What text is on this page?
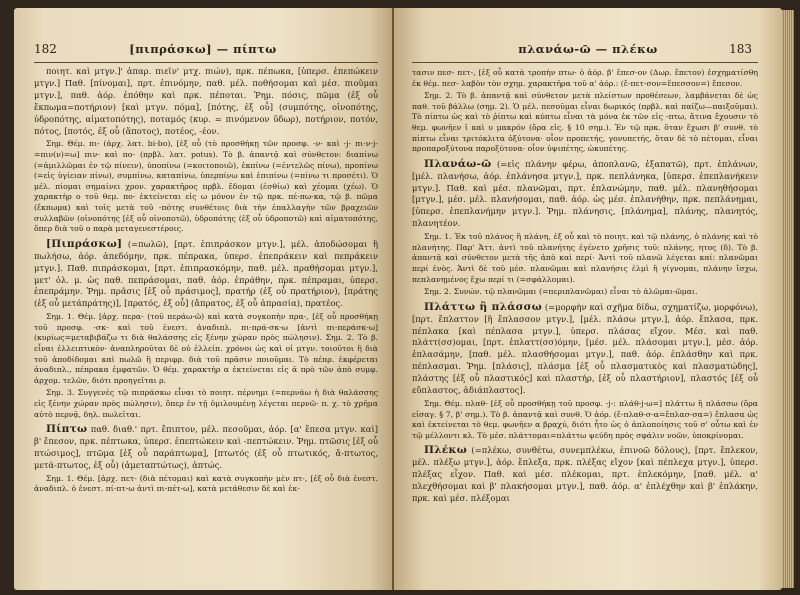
182	[πιπράσκω] — πίπτω

ποιητ. καὶ μτγν.]' ἀπαρ. πιεῖν' μτχ. πιών), πρκ. πέπωκα, [ὑπερσ. ἐπεπώκειν μτγν.] Παθ. [πίνομαι], πρτ. ἐπινόμην, παθ. μέλ. ποθήσομαι καὶ μέσ. πιοῦμαι μτγν.], παθ. ἀόρ. ἐπόθην καὶ πρκ. πέποται. Ῥημ. πόσις, πῶμα (ἐξ οὗ ἔκπωμα=ποτήριον) [καὶ μτγν. πόμα], [πότης, ἐξ οὗ] (συμπότης, οἰνοπότης, ὑδροπότης, αἱματοπότης), ποταμός (κυρ. = πινόμενον ὕδωρ), ποτήριον, ποτόν, πότος, [ποτός, ἐξ οὗ (ἄποτος), ποτέος, -έον.

Σημ. Θέμ. πι- (ἀρχ. λατ. bi-bo), [ἐξ οὗ (τὸ προσθήκῃ τῶν προσφ. -ν- καὶ -j- πι-ν-j-=πιν(ν)=ω] πιν- καὶ πο- (πρβλ. λατ. potus). Τὸ β. ἀπαντᾷ καὶ σύνθετον: διαπίνω (=ἁμιλλῶμαι ἐν τῷ πίνειν), ὑποπίνω (=κοιτοποιῶ), ἐκπίνω (=ἐντελῶς πίνω), προπίνω (=εἰς ὑγίειαν πίνω), συμπίνω, καταπίνω, ὑπερπίνω καὶ ἐπιπίνω (=πίνω τι προσέτι). Ὁ μέλ. πίομαι σημαίνει χρον. χαρακτῆρος πρβλ. ἔδομαι (ἐσθίω) καὶ χέομαι (χέω). Ὁ χαρακτὴρ ο τοῦ θεμ. πο- ἐκτείνεται εἰς ω μόνον ἐν τῷ πρκ. πέ-πω-κα, τῷ β. πῶμα (ἔκπωμα) καὶ τοῖς μετὰ τοῦ -πότης συνθέτοις διὰ τὴν ἐπαλλαγὴν τῶν βραχειῶν συλλαβῶν (οἰνοπότης [ἐξ οὗ οἰνοποτῶ), ὑδροπότης (ἐξ οὗ ὑδροποτῶ) καὶ αἱματοπότης, ὅπερ διὰ τοῦ ο παρὰ μεταγενεστέροις.

[Πιπράσκω] (=πωλῶ), [πρτ. ἐπιπράσκον μτγν.], μέλ. ἀποδώσομαι ἢ πωλήσω, ἀόρ. ἀπεδόμην, πρκ. πέπρακα, ὑπερσ. ἐπεπράκειν καὶ πεπράκειν μτγν.]. Παθ. πιπράσκομαι, [πρτ. ἐπιπρασκόμην, παθ. μέλ. πραθήσομαι μτγν.], μετ' ὀλ. μ. ὡς παθ. πεπράσομαι, παθ. ἀόρ. ἐπράθην, πρκ. πέπραμαι, ὑπερσ. ἐπεπράμην. Ῥημ. πρᾶσις [ἐξ οὗ πράσιμος], πρατήρ (ἐξ οὗ πρατήριον), [πράτης (ἐξ οὗ μετάπράτης)], [πρατός, ἐξ οὗ] (ἄπρατος, ἐξ οὗ ἀπρασία), πρατέος.

Σημ. 1. Θέμ. [ἀρχ. περα- (τοῦ περάω-ῶ) καὶ κατὰ συγκοπὴν πρα-, [ἐξ οὗ προσθήκῃ τοῦ προσφ. -σκ- καὶ τοῦ ἐνεστ. ἀναδιπλ. πι-πρά-σκ-ω [ἀντὶ πι-περάσκ-ω] (κυρίως=μεταβιβάζω τι διὰ θαλάσσης εἰς ξένην χώραν πρὸς πώλησιν). Σημ. 2. Τὸ β. εἶναι ἐλλειπτικὸν· ἀναπληροῦται δὲ οὐ ἐλλείπ. χρόνοι ὡς καὶ οἱ μτγν. τοιοῦτοι ἢ διὰ τοῦ ἀποδίδομαι καὶ πωλῶ ἢ περιφρ. διὰ τοῦ πρᾶσιν ποιοῦμαι. Τὸ πέπρ. ἐκφέρεται ἀναδιπλ., πέπρακα ἐμφατῶν. Ὁ θέμ. χαρακτὴρ α ἐκτείνεται εἰς ᾱ πρὸ τῶν ἀπὸ συμφ. ἀρχομ. τελῶν, διότι προηγεῖται ρ.

Σημ. 3. Συγγενὲς τῷ πιπράσκω εἶναι τὸ ποιητ. πέρνημι (=περνάω ἡ διὰ θαλάσσης εἰς ξένην χώραν πρὸς πώλησιν), ὅπερ ἐν τῇ ὁμιλουμένῃ λέγεται περνῶ· π. χ. τὸ χρῆμα αὐτὸ περνᾷ, δηλ. πωλεῖται.

Πίπτω παθ. διαθ.' πρτ. ἔπιπτον, μέλ. πεσοῦμαι, ἀόρ. [α' ἔπεσα μτγν. καὶ] β' ἔπεσον, πρκ. πέπτωκα, ὑπερσ. ἐπεπτώκειν καὶ -πεπτώκειν. Ῥημ. πτῶσις [ἐξ οὗ πτώσιμος], πτῶμα [ἐξ οὗ παράπτωμα], [πτωτός (ἐξ οὗ πτωτικός, ἄ-πτωτος, μετά-πτωτος, ἐξ οὗ) (ἀμεταπτώτως), ἀπτώς.

Σημ. 1. Θέμ. [ἀρχ. πετ- (διὰ πέτομαι) καὶ κατὰ συγκοπὴν μὲν πτ-, [ἐξ οὗ διὰ ἐνεστ. ἀναδιπλ. ὁ ἐνεστ. πί-πτ-ω ἀντὶ πι-πέτ-ω], κατὰ μετάθεσιν δὲ καὶ ἐκ-

πλανάω-ῶ — πλέκω	183

τασιν πεσ- πετ-, [ἐξ οὗ κατὰ τροπὴν πτω- ὁ ἀόρ. β' ἔπεσ-ον (Δωρ. ἔπετον) ἐσχηματίσθη ἐκ θέμ. πεσ- λαβὸν τὸν σχημ. χαρακτῆρα τοῦ α' ἀόρ.: (ἔ-πετ-σον=ἔπεσσον=) ἔπεσον.

Σημ. 2. Τὸ β. ἀπαντᾷ καὶ σύνθετον μετὰ πλείστων προθέσεων, λαμβάνεται δὲ ὡς παθ. τοῦ βάλλω (σημ. 2). Ὁ μέλ. πεσοῦμαι εἶναι δωρικός (πρβλ. καὶ παίζω—παιξοῦμαι). Τὸ πίπτω ὡς καὶ τὸ ῥίπτω καὶ κύπτω εἶναι τὰ μόνα ἐκ τῶν εἰς -πτω, ἅτινα ἔχουσιν τὸ θεμ. φωνῆεν ῑ καὶ υ μακρόν (ὅρα εἰς. § 10 σημ.). Ἐν τῷ πρκ. ὅταν ἔχωσι β' συνθ. τὸ πίπτω εἶναι τριτόκλιτα ὀξύτονα· οἷον προπετής, γονυπετής, ὅταν δὲ τὸ πέτομαι, εἶναι προπαροξύτονα παροξύτονα· οἷον ὑψιπέτης, ὠκυπέτης.

Πλανάω-ῶ (=εἰς πλάνην φέρω, ἀποπλανῶ, ἐξαπατῶ), πρτ. ἐπλάνων, [μέλ. πλανήσω, ἀόρ. ἐπλάνησα μτγν.], πρκ. πεπλάνηκα, [ὑπερσ. ἐπεπλανήκειν μτγν.]. Παθ. καὶ μέσ. πλανῶμαι, πρτ. ἐπλανώμην, παθ. μέλ. πλανηθήσομαι [μτγν.], μέσ. μέλ. πλανήσομαι, παθ. ἀόρ. ὡς μέσ. ἐπλανήθην, πρκ. πεπλάνημαι, [ὑπερσ. ἐπεπλανήμην μτγν.]. Ῥημ. πλάνησις, [πλάνημα], πλάνης, πλανητός, πλανητέον.

Σημ. 1. Ἐκ τοῦ πλάνος ἢ πλάνη, ἐξ οὗ καὶ τὸ ποιητ. καὶ τῷ πλάνης, ὁ πλάνης καὶ τὸ πλανήτης. Παρ' Ἀττ. ἀντὶ τοῦ πλανήτης ἐγένετο χρῆσις τοῦ: πλάνης, ητος (δ). Τὸ β. ἀπαντᾷ καὶ σύνθετον μετὰ τῆς ἀπὸ καὶ περί· Ἀντὶ τοῦ πλανῶ λέγεται καί: πλανῶμαι περί ἑνὸς. Ἀντὶ δὲ τοῦ μέσ. πλανῶμαι καὶ πλανήσις ἐλμὶ ἢ γίγνομαι, πλάνην ἴσχω, πεπλανημένος ἔχω περί τι (=σφάλλομαι).

Σημ. 2. Συνών. τῷ πλανῶμαι (=περιπλανῶμαι) εἶναι τὸ ἀλῶμαι-ῶμαι.

Πλάττω ἢ πλάσσω (=μορφὴν καὶ σχῆμα δίδω, σχηματίζω, μορφόνω), [πρτ. ἔπλαττον [ἢ ἔπλασσον μτγν.], [μέλ. πλάσω μτγν.], ἀόρ. ἔπλασα, πρκ. πέπλακα [καὶ πέπλασα μτγν.], ὑπερσ. πλάσας εἴχον. Μέσ. καὶ παθ. πλάττ(σσ)ομαι, [πρτ. ἐπλαττ(σσ)όμην, [μέσ. μέλ. πλάσομαι μτγν.], μέσ. ἀόρ. ἐπλασάμην, [παθ. μέλ. πλασθήσομαι μτγν.], παθ. ἀόρ. ἐπλάσθην καὶ πρκ. πέπλασμαι. Ῥημ. [πλάσις], πλάσμα [ἐξ οὗ πλασματικὸς καὶ πλασματώδης], πλάστης [ἐξ οὗ πλαστικός] καὶ πλαστήρ, [ἐξ οὗ πλαστήριον], πλαστός [ἐξ οὗ εὔπλαστος, ἀδιάπλαστος].

Σημ. Θέμ. πλαθ- [ἐξ οὗ προσθήκῃ τοῦ προσφ. -j-: πλάθ-j-ω=] πλάττω ἢ πλάσσω (ὅρα εἰσαγ. § 7, β' σημ.). Τὸ β. ἀπαντᾷ καὶ συνθ. Ὁ ἀόρ. (ἔ-πλαθ-σ-α=ἔπλασ-σα=) ἔπλασα ὡς καὶ ἐκτείνεται τὸ θεμ. φωνῆεν α βραχύ, διότι ἦτο ὡς ὁ ἀπλοποίησις τοῦ σ' οὗτω καὶ ἐν τῷ μέλλοντι κλ. Τὸ μέσ. πλάττομαι=πλάττω ψεύδη πρὸς σφάλιν νοῶν, ὑποκρίνομαι.

Πλέκω (=πλέκω, συνθέτω, συνεμπλέκω, ἐπινοῶ δόλους), [πρτ. ἔπλεκον, μέλ. πλέξω μτγν.], ἀόρ. ἔπλεξα, πρκ. πλέξας εἴχον [καὶ πέπλεχα μτγν.], ὑπερσ. πλέξας εἶχον. Παθ. καὶ μέσ. πλέκομαι, πρτ. ἐπλεκόμην, [παθ. μέλ. α' πλεχθήσομαι καὶ β' πλακήσομαι μτγν.], παθ. ἀόρ. α' ἐπλέχθην καὶ β' ἐπλάκην, πρκ. καὶ μέσ. πλέξομαι
